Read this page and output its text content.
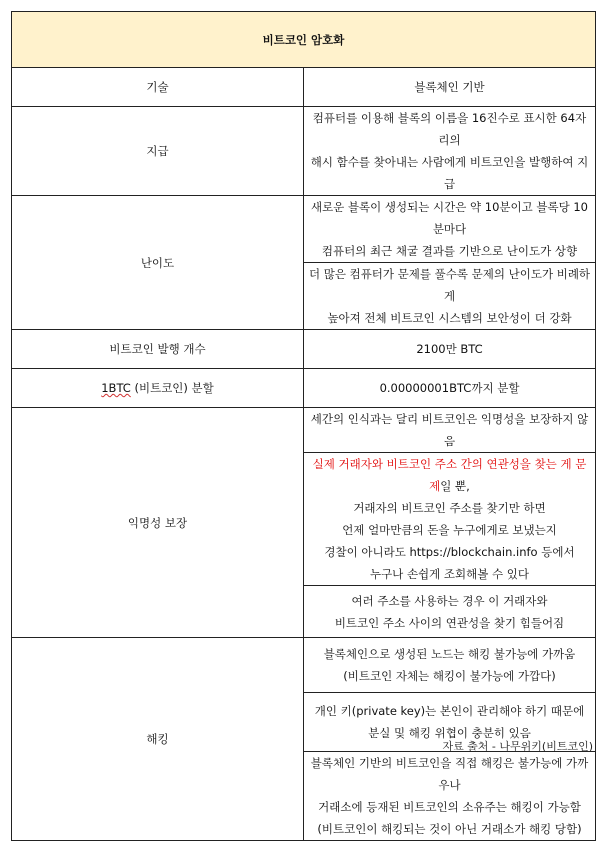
비트코인 암호화	
기술	블록체인 기반
지급	컴퓨터를 이용해 블록의 이름을 16진수로 표시한 64자리의
해시 함수를 찾아내는 사람에게 비트코인을 발행하여 지급

난이도	새로운 블록이 생성되는 시간은 약 10분이고 블록당 10분마다
컴퓨터의 최근 채굴 결과를 기반으로 난이도가 상향

	더 많은 컴퓨터가 문제를 풀수록 문제의 난이도가 비례하게
높아져 전체 비트코인 시스템의 보안성이 더 강화

비트코인 발행 개수	2100만 BTC
1BTC (비트코인) 분할	0.00000001BTC까지 분할
익명성 보장	세간의 인식과는 달리 비트코인은 익명성을 보장하지 않음

	실제 거래자와 비트코인 주소 간의 연관성을 찾는 게 문제일 뿐,
거래자의 비트코인 주소를 찾기만 하면
언제 얼마만큼의 돈을 누구에게로 보냈는지
경찰이 아니라도 https://blockchain.info 등에서
누구나 손쉽게 조회해볼 수 있다

	여러 주소를 사용하는 경우 이 거래자와
비트코인 주소 사이의 연관성을 찾기 힘들어짐

해킹	블록체인으로 생성된 노드는 해킹 불가능에 가까움
(비트코인 자체는 해킹이 불가능에 가깝다)

	개인 키(private key)는 본인이 관리해야 하기 때문에
분실 및 해킹 위협이 충분히 있음

	블록체인 기반의 비트코인을 직접 해킹은 불가능에 가까우나
거래소에 등재된 비트코인의 소유주는 해킹이 가능함
(비트코인이 해킹되는 것이 아닌 거래소가 해킹 당함)
자료 출처 - 나무위키(비트코인)
